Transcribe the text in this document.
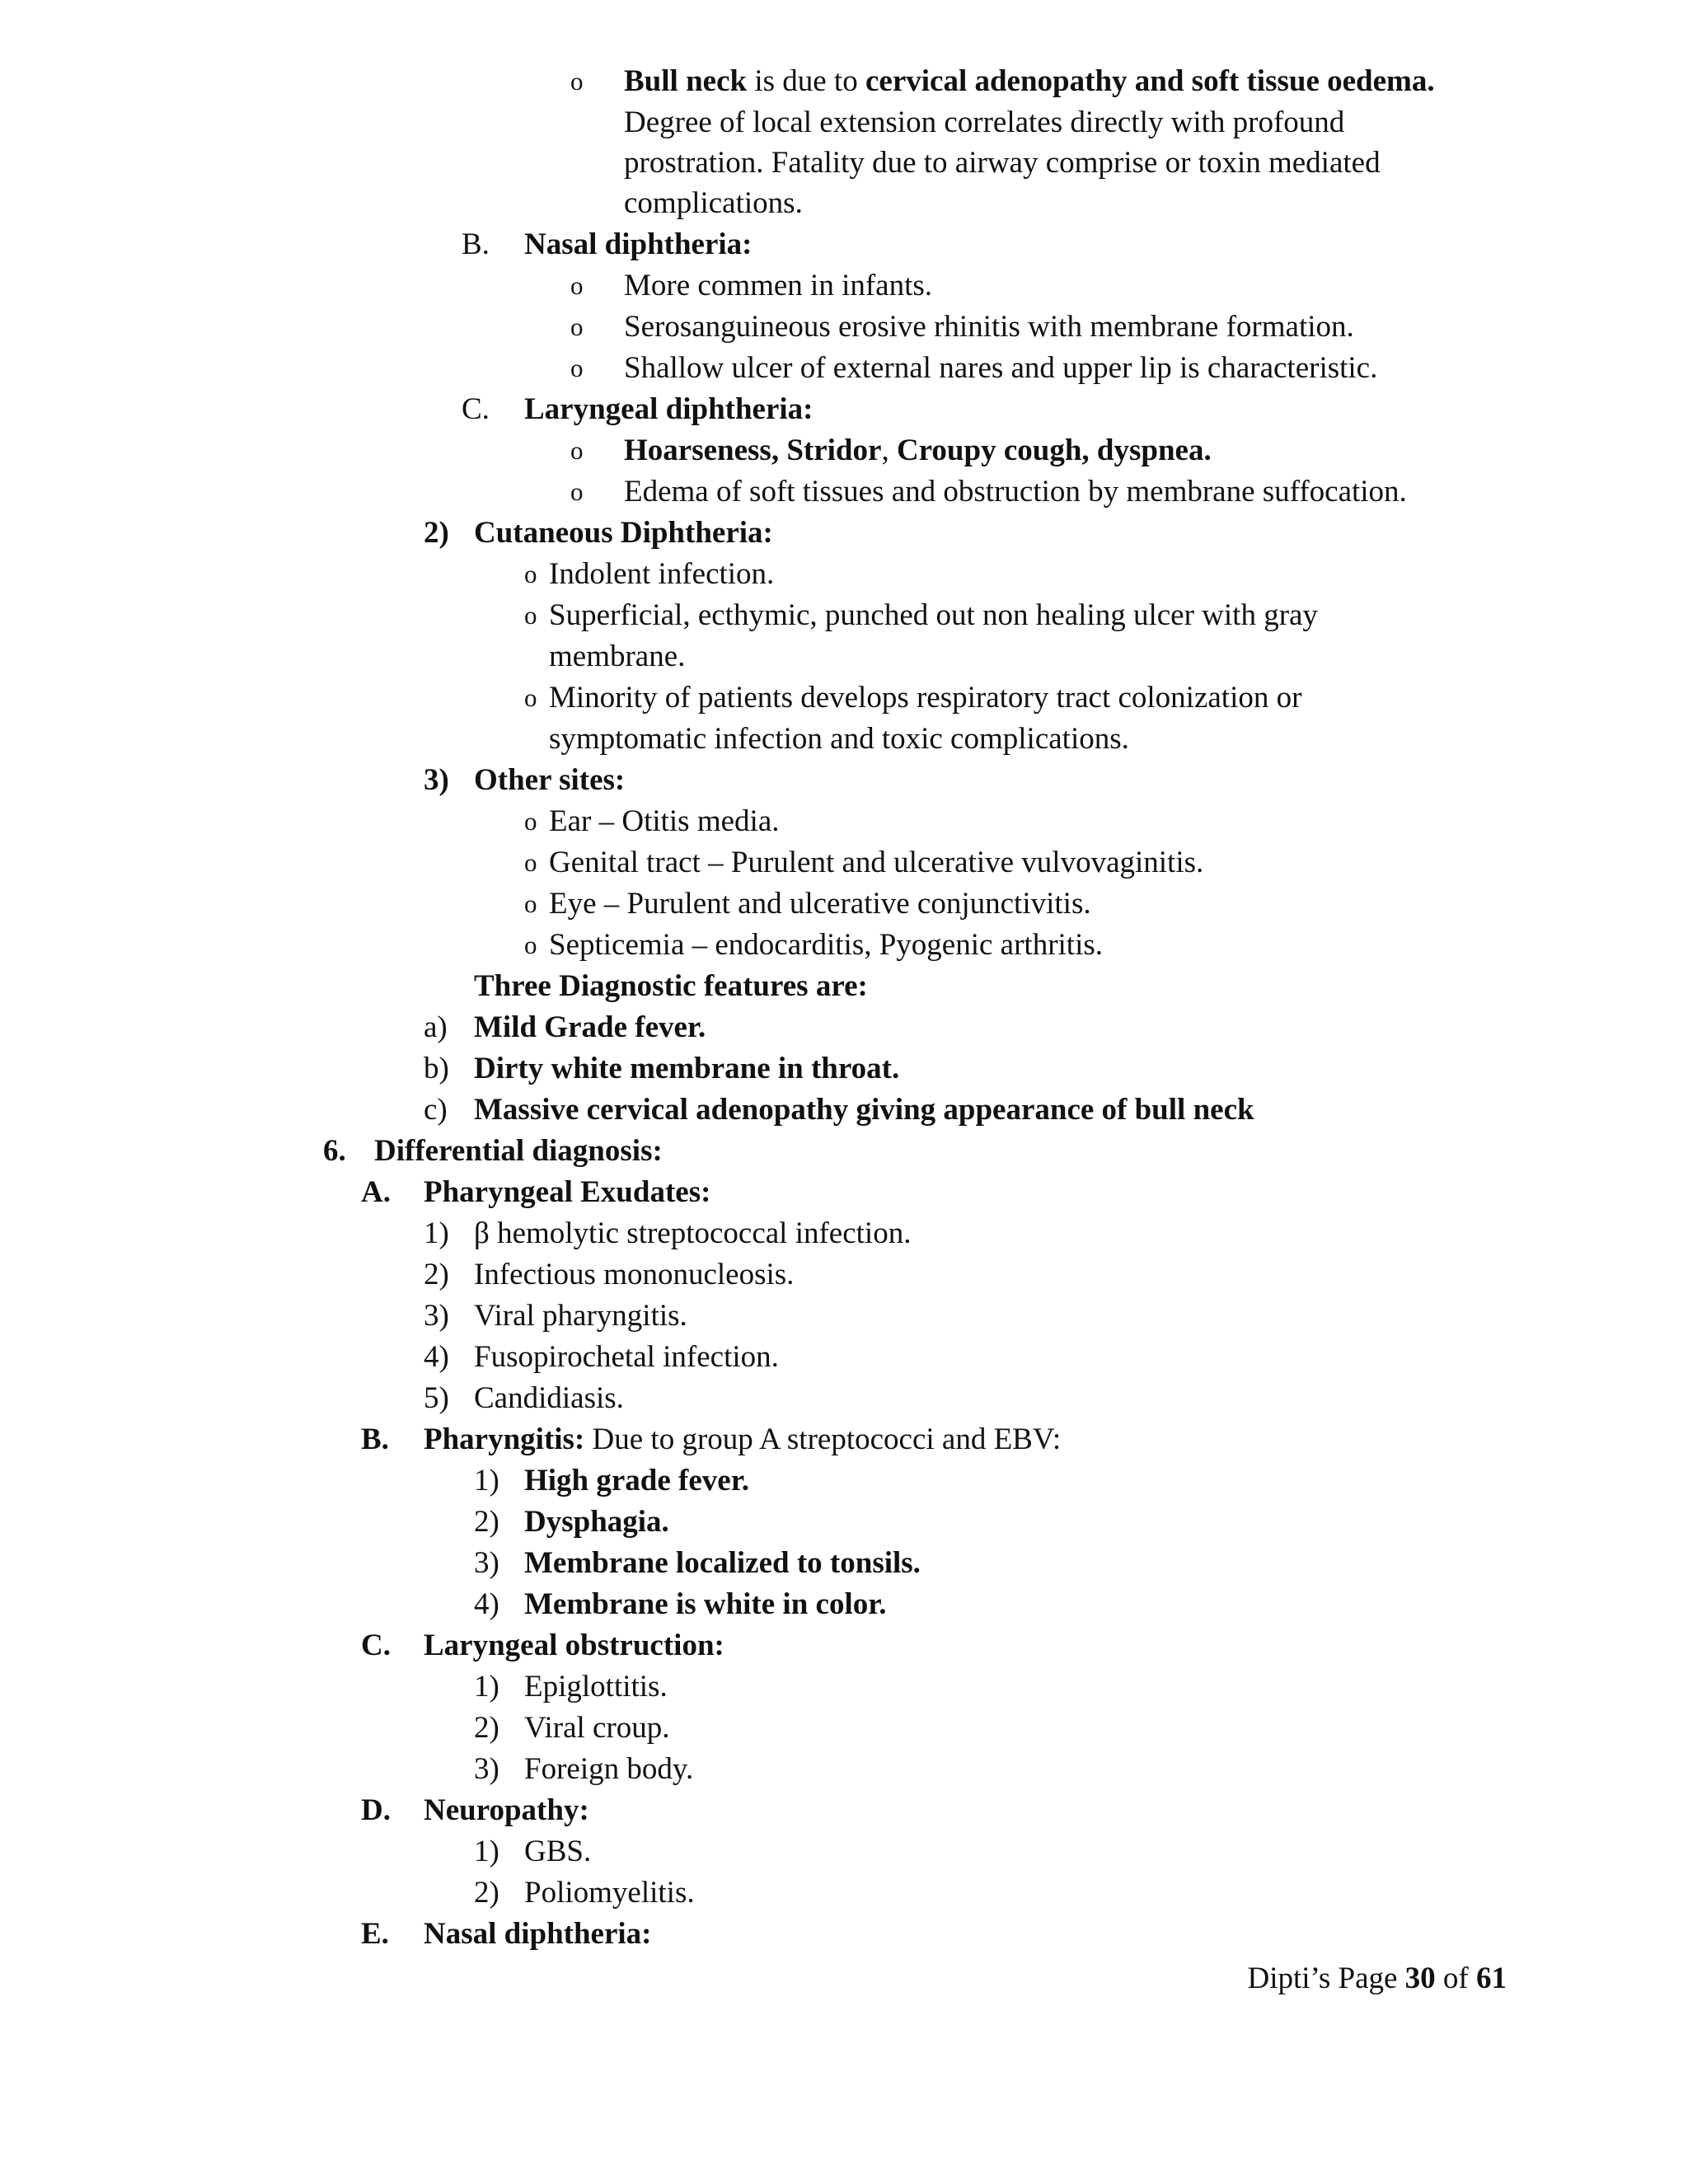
o Bull neck is due to cervical adenopathy and soft tissue oedema.
Degree of local extension correlates directly with profound
prostration. Fatality due to airway comprise or toxin mediated
complications.
B. Nasal diphtheria:
o More commen in infants.
o Serosanguineous erosive rhinitis with membrane formation.
o Shallow ulcer of external nares and upper lip is characteristic.
C. Laryngeal diphtheria:
o Hoarseness, Stridor, Croupy cough, dyspnea.
o Edema of soft tissues and obstruction by membrane suffocation.
2) Cutaneous Diphtheria:
o Indolent infection.
o Superficial, ecthymic, punched out non healing ulcer with gray
membrane.
o Minority of patients develops respiratory tract colonization or
symptomatic infection and toxic complications.
3) Other sites:
o Ear – Otitis media.
o Genital tract – Purulent and ulcerative vulvovaginitis.
o Eye – Purulent and ulcerative conjunctivitis.
o Septicemia – endocarditis, Pyogenic arthritis.
Three Diagnostic features are:
a) Mild Grade fever.
b) Dirty white membrane in throat.
c) Massive cervical adenopathy giving appearance of bull neck
6. Differential diagnosis:
A. Pharyngeal Exudates:
1) β hemolytic streptococcal infection.
2) Infectious mononucleosis.
3) Viral pharyngitis.
4) Fusopirochetal infection.
5) Candidiasis.
B. Pharyngitis: Due to group A streptococci and EBV:
1) High grade fever.
2) Dysphagia.
3) Membrane localized to tonsils.
4) Membrane is white in color.
C. Laryngeal obstruction:
1) Epiglottitis.
2) Viral croup.
3) Foreign body.
D. Neuropathy:
1) GBS.
2) Poliomyelitis.
E. Nasal diphtheria:
Dipti’s Page 30 of 61
